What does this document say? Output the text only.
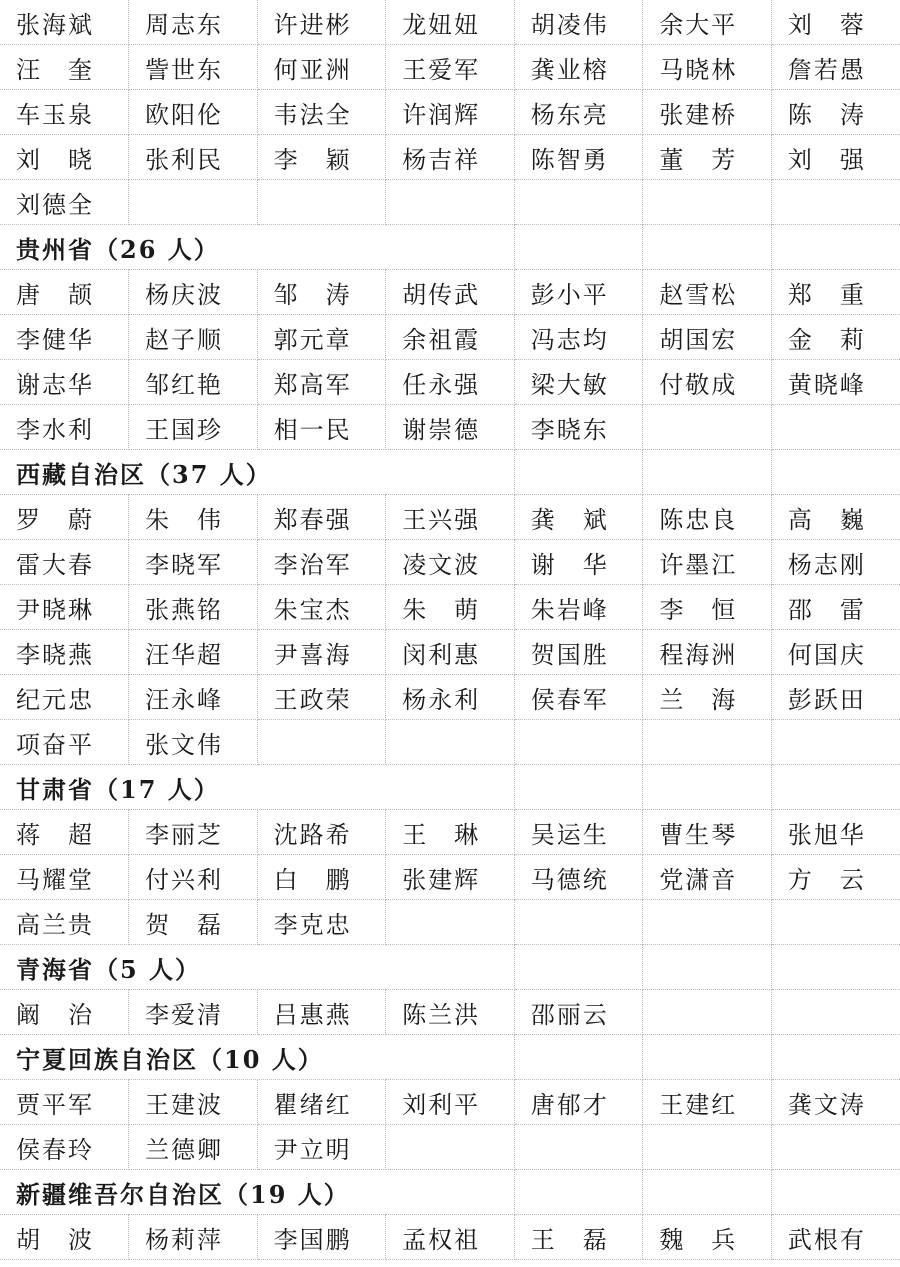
张海斌	周志东	许进彬	龙妞妞	胡凌伟	余大平	刘　蓉
汪　奎	訾世东	何亚洲	王爱军	龚业榕	马晓林	詹若愚
车玉泉	欧阳伦	韦法全	许润辉	杨东亮	张建桥	陈　涛
刘　晓	张利民	李　颖	杨吉祥	陈智勇	董　芳	刘　强
刘德全						
贵州省（26 人）						
唐　颉	杨庆波	邹　涛	胡传武	彭小平	赵雪松	郑　重
李健华	赵子顺	郭元章	余祖霞	冯志均	胡国宏	金　莉
谢志华	邹红艳	郑高军	任永强	梁大敏	付敬成	黄晓峰
李水利	王国珍	相一民	谢崇德	李晓东		
西藏自治区（37 人）						
罗　蔚	朱　伟	郑春强	王兴强	龚　斌	陈忠良	高　巍
雷大春	李晓军	李治军	凌文波	谢　华	许墨江	杨志刚
尹晓琳	张燕铭	朱宝杰	朱　萌	朱岩峰	李　恒	邵　雷
李晓燕	汪华超	尹喜海	闵利惠	贺国胜	程海洲	何国庆
纪元忠	汪永峰	王政荣	杨永利	侯春军	兰　海	彭跃田
项奋平	张文伟					
甘肃省（17 人）						
蒋　超	李丽芝	沈路希	王　琳	吴运生	曹生琴	张旭华
马耀堂	付兴利	白　鹏	张建辉	马德统	党潇音	方　云
高兰贵	贺　磊	李克忠				
青海省（5 人）						
阚　治	李爱清	吕惠燕	陈兰洪	邵丽云		
宁夏回族自治区（10 人）						
贾平军	王建波	瞿绪红	刘利平	唐郁才	王建红	龚文涛
侯春玲	兰德卿	尹立明				
新疆维吾尔自治区（19 人）						
胡　波	杨莉萍	李国鹏	孟权祖	王　磊	魏　兵	武根有
